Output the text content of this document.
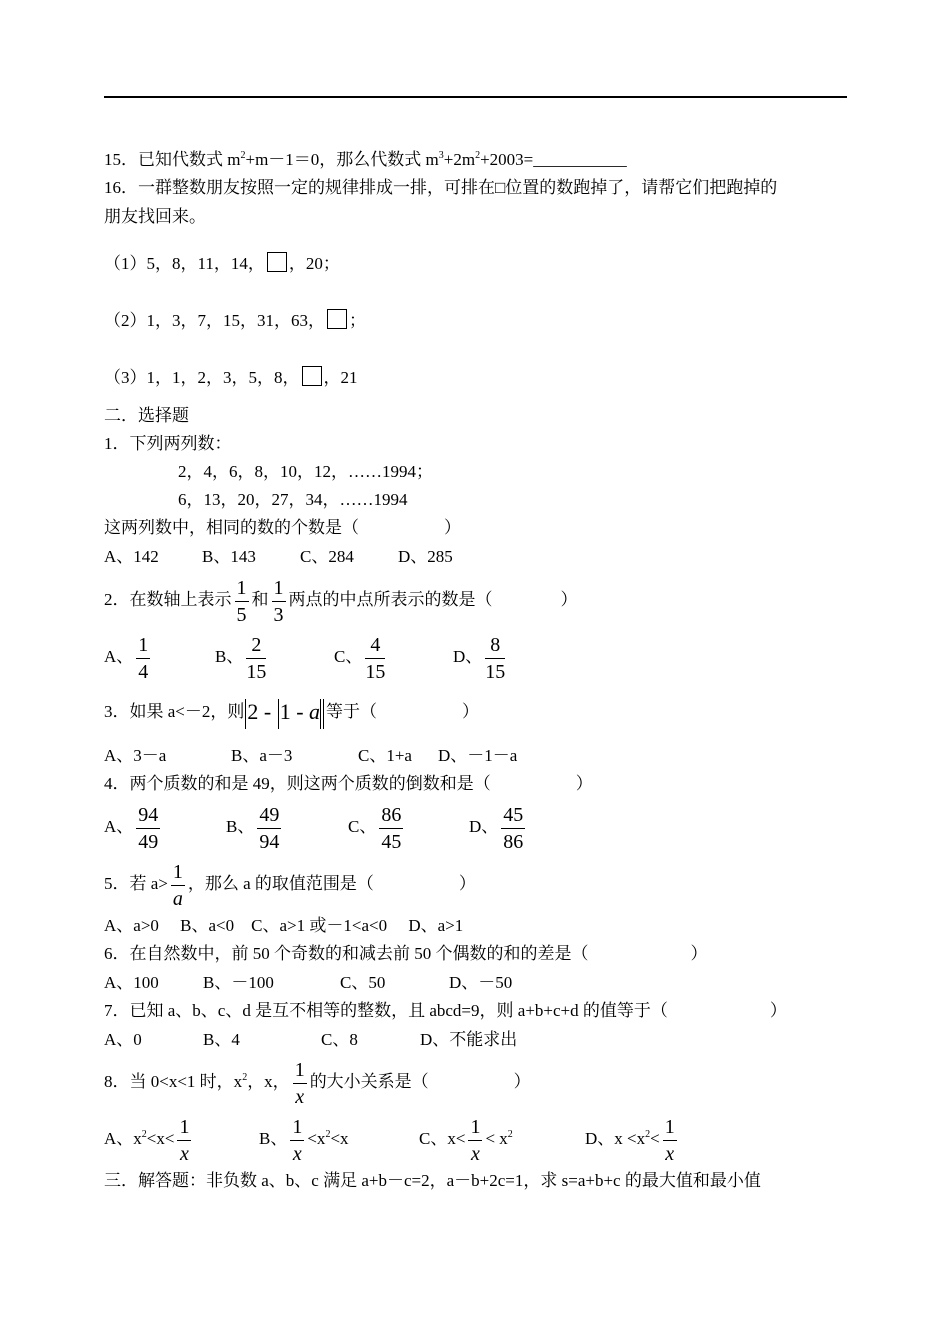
15．已知代数式 $m^2+m-1=0$，那么代数式 $m^3+2m^2+2003=\_\_\_\_\_\_\_\_\_\_\_$
16．一群整数朋友按照一定的规律排成一排，可排在□位置的数跑掉了，请帮它们把跑掉的
朋友找回来。
（1）5，8，11，14， ，20；
（2）1，3，7，15，31，63， ；
（3）1，1，2，3，5，8， ，21
二．选择题
1．下列两列数：
2，4，6，8，10，12，……1994；
6，13，20，27，34，……1994
这两列数中，相同的数的个数是（　　　　　）
A、142	B、143	C、284	D、285
2．在数轴上表示 $\frac{1}{5}$ 和 $\frac{1}{3}$ 两点的中点所表示的数是（　　　　）
A、 $\frac{1}{4}$	B、 $\frac{2}{15}$	C、 $\frac{4}{15}$	D、 $\frac{8}{15}$
3．如果 a<－2，则 2 - 1 - a 等于（　　　　　）
A、3－a	B、a－3	C、1+a D、－1－a
4．两个质数的和是 49，则这两个质数的倒数和是（　　　　　）
A、 $\frac{94}{49}$	B、 $\frac{49}{94}$	C、 $\frac{86}{45}$	D、 $\frac{45}{86}$
5．若 $a> \frac{1}{a}$ ，那么 a 的取值范围是（　　　　　）
A、a>0　 B、a<0　C、a>1 或－1<a<0　 D、a>1
6．在自然数中，前 50 个奇数的和减去前 50 个偶数的和的差是（　　　　　　）
A、100	B、－100	C、50	D、－50
7．已知 a、b、c、d 是互不相等的整数，且 abcd=9，则 a+b+c+d 的值等于（　　　　　　）
A、0	B、4	C、8	D、不能求出
8．当 0<x<1 时，$x^2$，x， $\frac{1}{x}$ 的大小关系是（　　　　　）
A、$x^2<x< \frac{1}{x}$	B、 $\frac{1}{x} <x^2<x$	C、$x< \frac{1}{x} < x^2$	D、$x <x^2< \frac{1}{x}$
三．解答题：非负数 a、b、c 满足 a+b－c=2，a－b+2c=1，求 s=a+b+c 的最大值和最小值
